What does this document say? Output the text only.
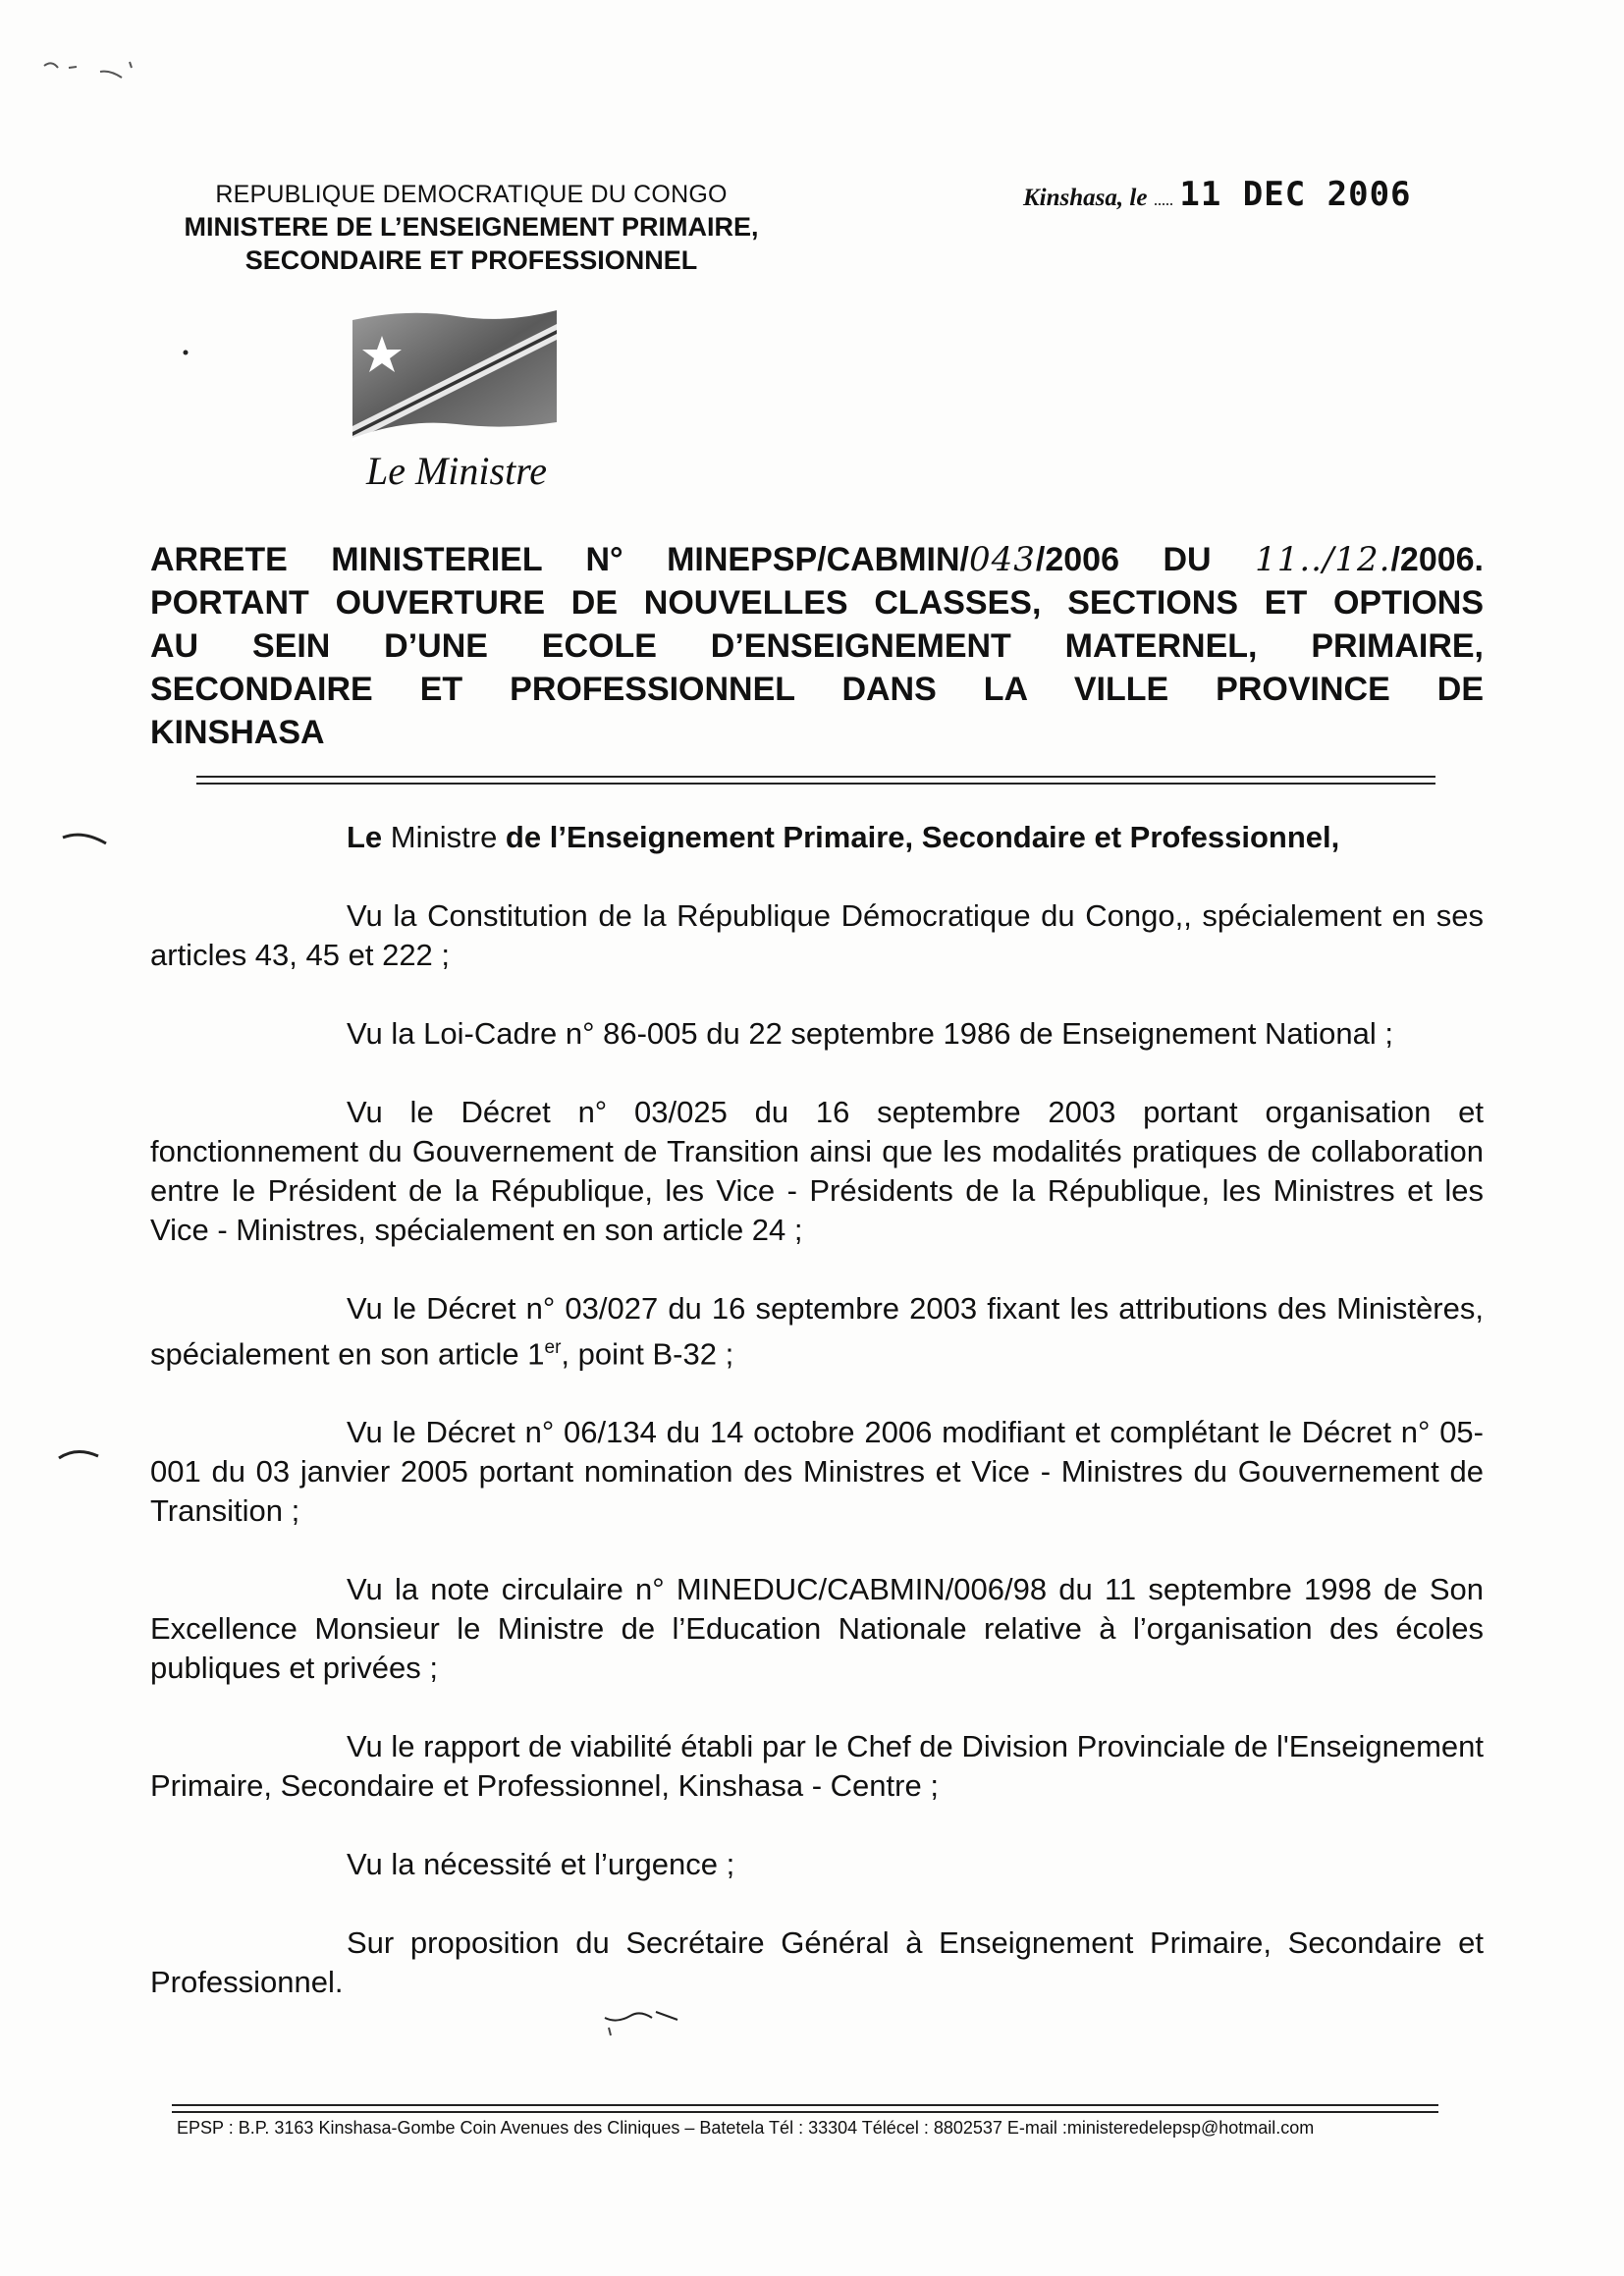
REPUBLIQUE DEMOCRATIQUE DU CONGO
MINISTERE DE L’ENSEIGNEMENT PRIMAIRE,
SECONDAIRE ET PROFESSIONNEL
Le Ministre
Kinshasa, le 11 DEC 2006
ARRETE MINISTERIEL N° MINEPSP/CABMIN/043/2006 DU 11../12./2006.
PORTANT OUVERTURE DE NOUVELLES CLASSES, SECTIONS ET OPTIONS
AU SEIN D’UNE ECOLE D’ENSEIGNEMENT MATERNEL, PRIMAIRE,
SECONDAIRE ET PROFESSIONNEL DANS LA VILLE PROVINCE DE
KINSHASA
Le Ministre de l’Enseignement Primaire, Secondaire et Professionnel,

Vu la Constitution de la République Démocratique du Congo,, spécialement en ses articles 43, 45 et 222 ;

Vu la Loi-Cadre n° 86-005 du 22 septembre 1986 de Enseignement National ;

Vu le Décret n° 03/025 du 16 septembre 2003 portant organisation et fonctionnement du Gouvernement de Transition ainsi que les modalités pratiques de collaboration entre le Président de la République, les Vice - Présidents de la République, les Ministres et les Vice - Ministres, spécialement en son article 24 ;

Vu le Décret n° 03/027 du 16 septembre 2003 fixant les attributions des Ministères, spécialement en son article 1er, point B-32 ;

Vu le Décret n° 06/134 du 14 octobre 2006 modifiant et complétant le Décret n° 05-001 du 03 janvier 2005 portant nomination des Ministres et Vice - Ministres du Gouvernement de Transition ;

Vu la note circulaire n° MINEDUC/CABMIN/006/98 du 11 septembre 1998 de Son Excellence Monsieur le Ministre de l’Education Nationale relative à l’organisation des écoles publiques et privées ;

Vu le rapport de viabilité établi par le Chef de Division Provinciale de l'Enseignement Primaire, Secondaire et Professionnel, Kinshasa - Centre ;

Vu la nécessité et l’urgence ;

Sur proposition du Secrétaire Général à Enseignement Primaire, Secondaire et Professionnel.

EPSP : B.P. 3163 Kinshasa-Gombe Coin Avenues des Cliniques – Batetela Tél : 33304 Télécel : 8802537 E-mail :ministeredelepsp@hotmail.com
